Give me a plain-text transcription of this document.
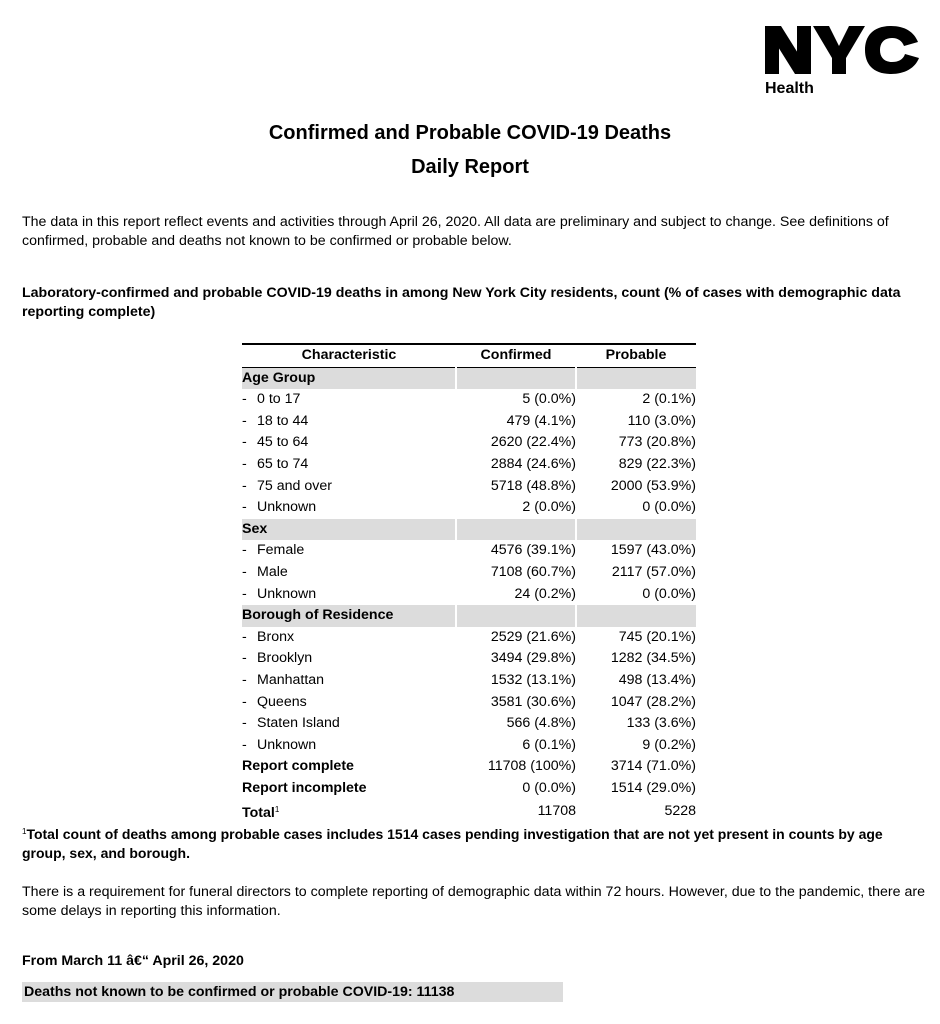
Health
Confirmed and Probable COVID-19 Deaths
Daily Report
The data in this report reflect events and activities through April 26, 2020. All data are preliminary and subject to change. See definitions of confirmed, probable and deaths not known to be confirmed or probable below.
Laboratory-confirmed and probable COVID-19 deaths in among New York City residents, count (% of cases with demographic data reporting complete)
Characteristic	Confirmed	Probable
Age Group		
- 0 to 17	5 (0.0%)	2 (0.1%)
- 18 to 44	479 (4.1%)	110 (3.0%)
- 45 to 64	2620 (22.4%)	773 (20.8%)
- 65 to 74	2884 (24.6%)	829 (22.3%)
- 75 and over	5718 (48.8%)	2000 (53.9%)
- Unknown	2 (0.0%)	0 (0.0%)
Sex		
- Female	4576 (39.1%)	1597 (43.0%)
- Male	7108 (60.7%)	2117 (57.0%)
- Unknown	24 (0.2%)	0 (0.0%)
Borough of Residence		
- Bronx	2529 (21.6%)	745 (20.1%)
- Brooklyn	3494 (29.8%)	1282 (34.5%)
- Manhattan	1532 (13.1%)	498 (13.4%)
- Queens	3581 (30.6%)	1047 (28.2%)
- Staten Island	566 (4.8%)	133 (3.6%)
- Unknown	6 (0.1%)	9 (0.2%)
Report complete	11708 (100%)	3714 (71.0%)
Report incomplete	0 (0.0%)	1514 (29.0%)
Total$^1$	11708	5228
$^1$Total count of deaths among probable cases includes 1514 cases pending investigation that are not yet present in counts by age group, sex, and borough.
There is a requirement for funeral directors to complete reporting of demographic data within 72 hours. However, due to the pandemic, there are some delays in reporting this information.
From March 11 â€“ April 26, 2020
Deaths not known to be confirmed or probable COVID-19: 11138
